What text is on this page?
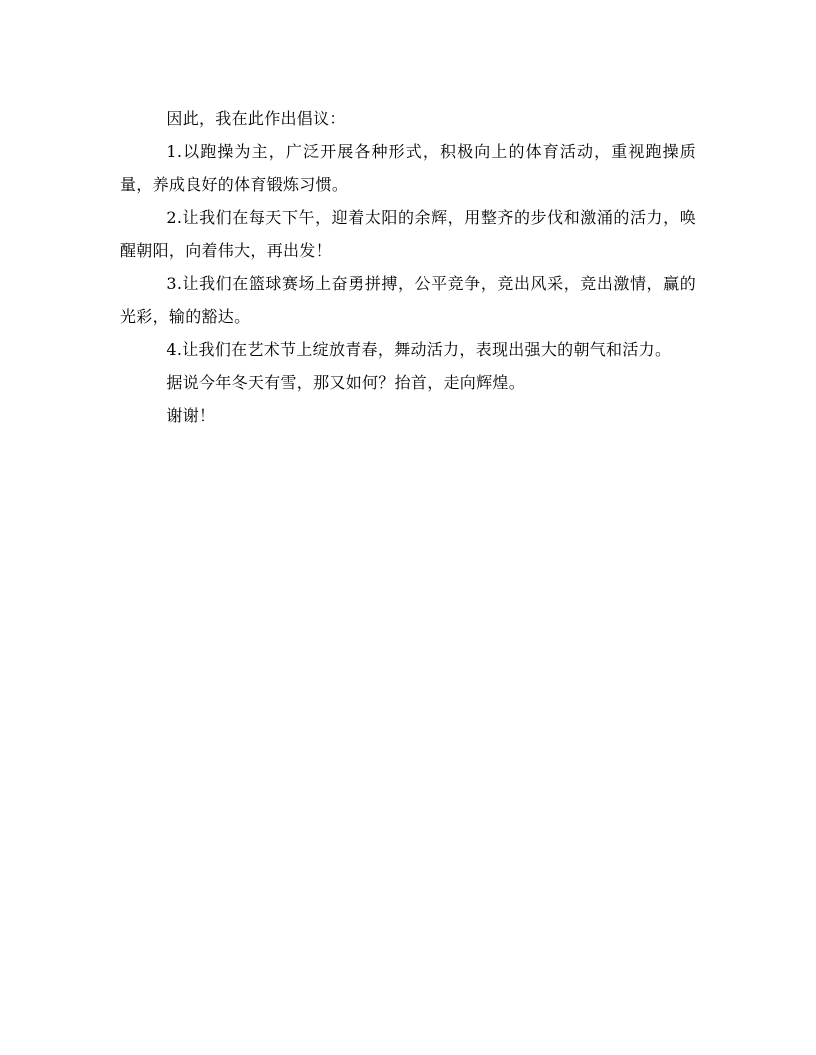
因此，我在此作出倡议：

1.以跑操为主，广泛开展各种形式，积极向上的体育活动，重视跑操质量，养成良好的体育锻炼习惯。

2.让我们在每天下午，迎着太阳的余辉，用整齐的步伐和激涌的活力，唤醒朝阳，向着伟大，再出发！

3.让我们在篮球赛场上奋勇拼搏，公平竞争，竞出风采，竞出激情，赢的光彩，输的豁达。

4.让我们在艺术节上绽放青春，舞动活力，表现出强大的朝气和活力。

据说今年冬天有雪，那又如何？抬首，走向辉煌。

谢谢！
